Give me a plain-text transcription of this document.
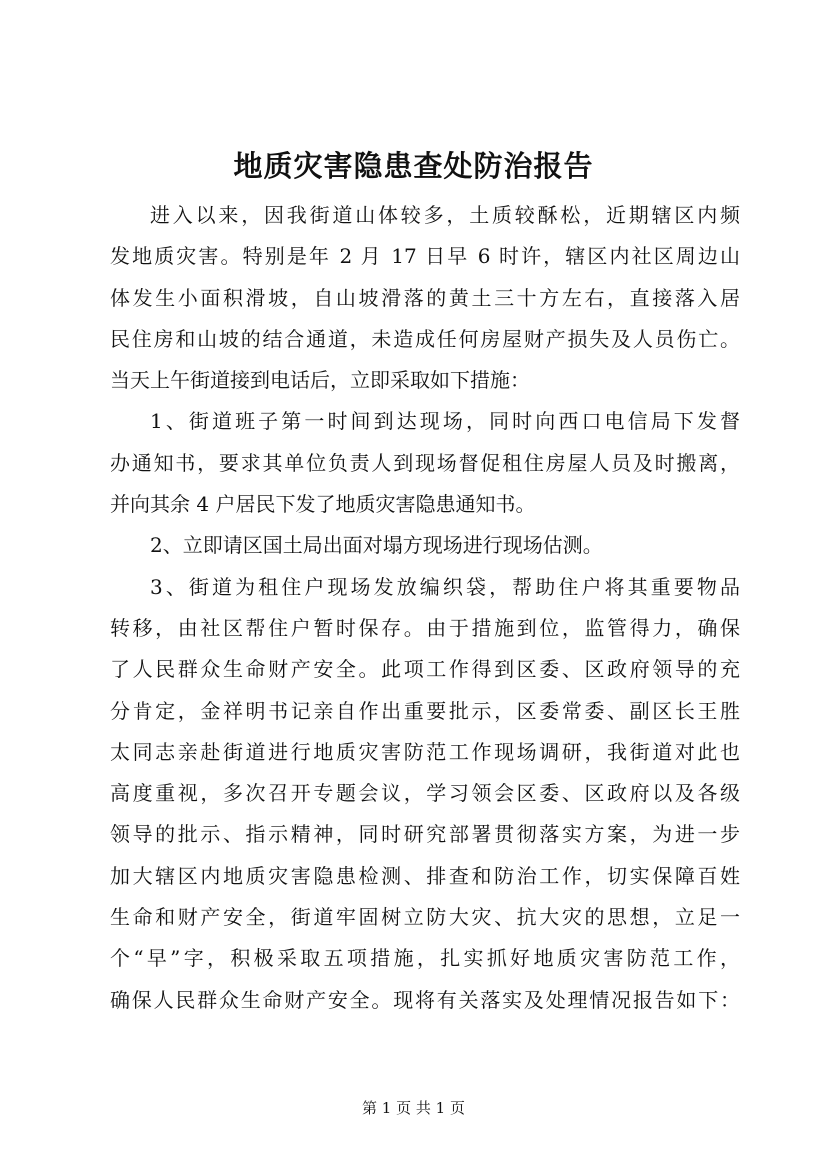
地质灾害隐患查处防治报告
进入以来，因我街道山体较多，土质较酥松，近期辖区内频
发地质灾害。特别是年 2 月 17 日早 6 时许，辖区内社区周边山
体发生小面积滑坡，自山坡滑落的黄土三十方左右，直接落入居
民住房和山坡的结合通道，未造成任何房屋财产损失及人员伤亡。
当天上午街道接到电话后，立即采取如下措施：
1、街道班子第一时间到达现场，同时向西口电信局下发督
办通知书，要求其单位负责人到现场督促租住房屋人员及时搬离，
并向其余 4 户居民下发了地质灾害隐患通知书。
2、立即请区国土局出面对塌方现场进行现场估测。
3、街道为租住户现场发放编织袋，帮助住户将其重要物品
转移，由社区帮住户暂时保存。由于措施到位，监管得力，确保
了人民群众生命财产安全。此项工作得到区委、区政府领导的充
分肯定，金祥明书记亲自作出重要批示，区委常委、副区长王胜
太同志亲赴街道进行地质灾害防范工作现场调研，我街道对此也
高度重视，多次召开专题会议，学习领会区委、区政府以及各级
领导的批示、指示精神，同时研究部署贯彻落实方案，为进一步
加大辖区内地质灾害隐患检测、排查和防治工作，切实保障百姓
生命和财产安全，街道牢固树立防大灾、抗大灾的思想，立足一
个“早”字，积极采取五项措施，扎实抓好地质灾害防范工作，
确保人民群众生命财产安全。现将有关落实及处理情况报告如下：
第 1 页 共 1 页
